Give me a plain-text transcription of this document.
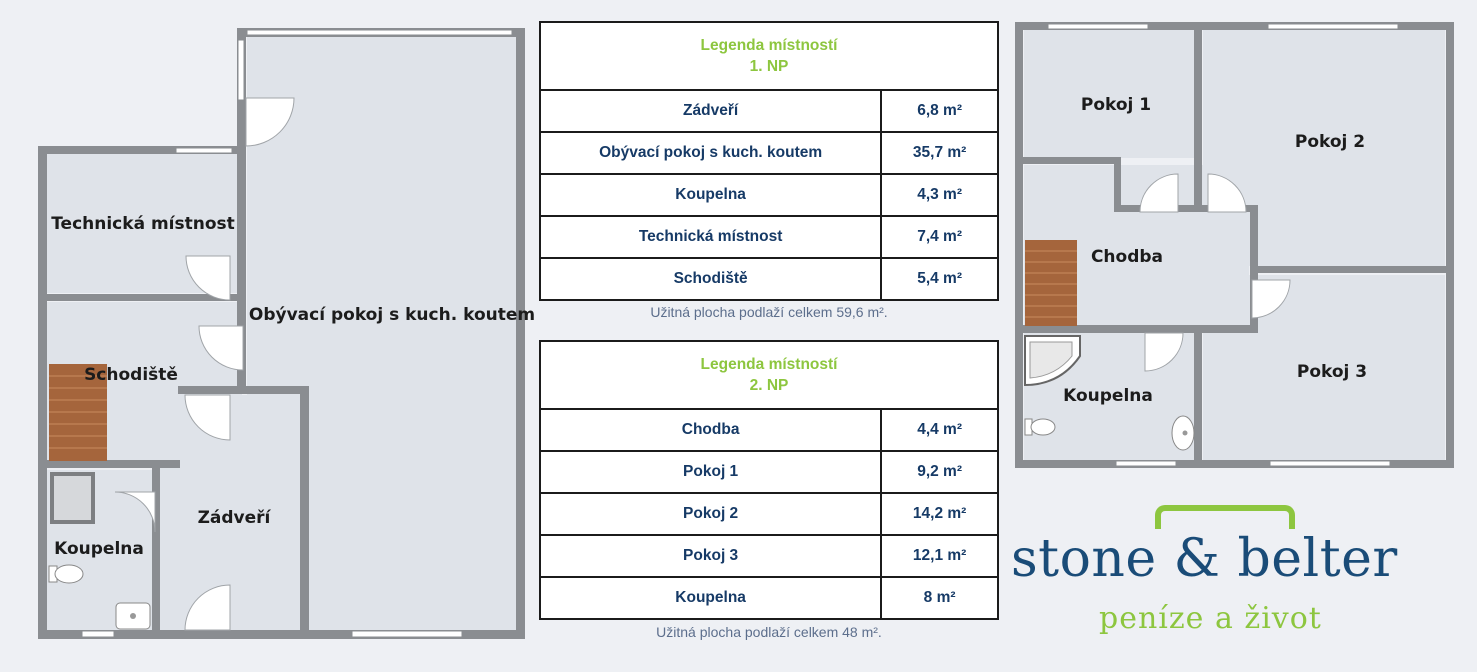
Technická místnost
Obývací pokoj s kuch. koutem
Schodiště
Zádveří
Koupelna
Pokoj 1
Pokoj 2
Chodba
Koupelna
Pokoj 3
Legenda místností
1. NP	
Zádveří	6,8 m²
Obývací pokoj s kuch. koutem	35,7 m²
Koupelna	4,3 m²
Technická místnost	7,4 m²
Schodiště	5,4 m²
Užitná plocha podlaží celkem 59,6 m².
Legenda místností
2. NP	
Chodba	4,4 m²
Pokoj 1	9,2 m²
Pokoj 2	14,2 m²
Pokoj 3	12,1 m²
Koupelna	8 m²
Užitná plocha podlaží celkem 48 m².
stone & belter
peníze a život
